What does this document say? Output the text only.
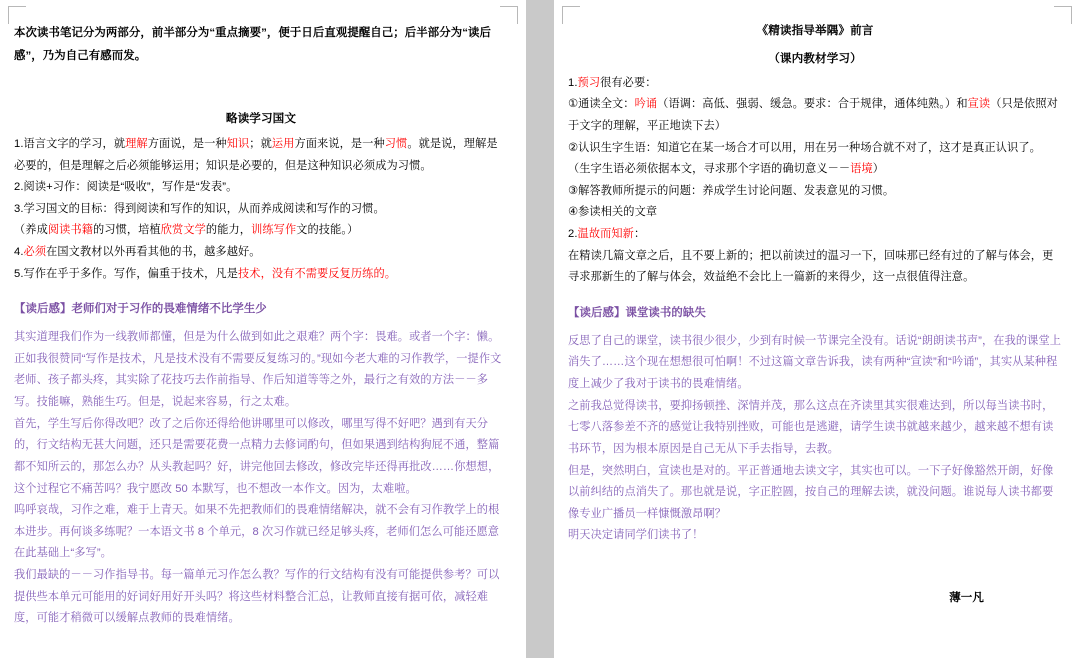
本次读书笔记分为两部分，前半部分为“重点摘要”，便于日后直观提醒自己；后半部分为“读后感”，乃为自己有感而发。

略读学习国文

1.语言文字的学习，就理解方面说，是一种知识；就运用方面来说，是一种习惯。就是说，理解是必要的，但是理解之后必须能够运用；知识是必要的，但是这种知识必须成为习惯。

2.阅读+习作：阅读是“吸收”，写作是“发表”。

3.学习国文的目标：得到阅读和写作的知识，从而养成阅读和写作的习惯。

（养成阅读书籍的习惯，培植欣赏文学的能力，训练写作文的技能。）

4.必须在国文教材以外再看其他的书，越多越好。

5.写作在乎于多作。写作，偏重于技术，凡是技术，没有不需要反复历练的。

【读后感】老师们对于习作的畏难情绪不比学生少

其实道理我们作为一线教师都懂，但是为什么做到如此之艰难？两个字：畏难。或者一个字：懒。正如我很赞同“写作是技术，凡是技术没有不需要反复练习的。”现如今老大难的习作教学，一提作文老师、孩子都头疼，其实除了花技巧去作前指导、作后知道等等之外，最行之有效的方法－－多写。技能嘛，熟能生巧。但是，说起来容易，行之太难。

首先，学生写后你得改吧？改了之后你还得给他讲哪里可以修改，哪里写得不好吧？遇到有天分的，行文结构无甚大问题，还只是需要花费一点精力去修词酌句，但如果遇到结构狗屁不通，整篇都不知所云的，那怎么办？从头教起吗？好，讲完他回去修改，修改完毕还得再批改……你想想，这个过程它不痛苦吗？我宁愿改 50 本默写，也不想改一本作文。因为，太难啦。

呜呼哀哉，习作之难，难于上青天。如果不先把教师们的畏难情绪解决，就不会有习作教学上的根本进步。再何谈多练呢？一本语文书 8 个单元，8 次习作就已经足够头疼，老师们怎么可能还愿意在此基础上“多写”。

我们最缺的－－习作指导书。每一篇单元习作怎么教？写作的行文结构有没有可能提供参考？可以提供些本单元可能用的好词好用好开头吗？将这些材料整合汇总，让教师直接有据可依，减轻难度，可能才稍微可以缓解点教师的畏难情绪。

《精读指导举隅》前言

（课内教材学习）

1.预习很有必要：

①通读全文：吟诵（语调：高低、强弱、缓急。要求：合于规律，通体纯熟。）和宣读（只是依照对于文字的理解，平正地读下去）

②认识生字生语：知道它在某一场合才可以用，用在另一种场合就不对了，这才是真正认识了。

（生字生语必须依据本文，寻求那个字语的确切意义－－语境）

③解答教师所提示的问题：养成学生讨论问题、发表意见的习惯。

④参读相关的文章

2.温故而知新：

在精读几篇文章之后，且不要上新的；把以前读过的温习一下，回味那已经有过的了解与体会，更寻求那新生的了解与体会，效益绝不会比上一篇新的来得少，这一点很值得注意。

【读后感】课堂读书的缺失

反思了自己的课堂，读书很少很少，少到有时候一节课完全没有。话说“朗朗读书声”，在我的课堂上消失了……这个现在想想很可怕啊！不过这篇文章告诉我，读有两种“宣读”和“吟诵”，其实从某种程度上减少了我对于读书的畏难情绪。

之前我总觉得读书，要抑扬顿挫、深情并茂，那么这点在齐读里其实很难达到，所以每当读书时，七零八落参差不齐的感觉让我特别挫败，可能也是逃避，请学生读书就越来越少，越来越不想有读书环节，因为根本原因是自己无从下手去指导，去教。

但是，突然明白，宣读也是对的。平正普通地去读文字，其实也可以。一下子好像豁然开朗，好像以前纠结的点消失了。那也就是说，字正腔圆，按自己的理解去读，就没问题。谁说每人读书都要像专业广播员一样慷慨激昂啊？

明天决定请同学们读书了！

薄一凡
